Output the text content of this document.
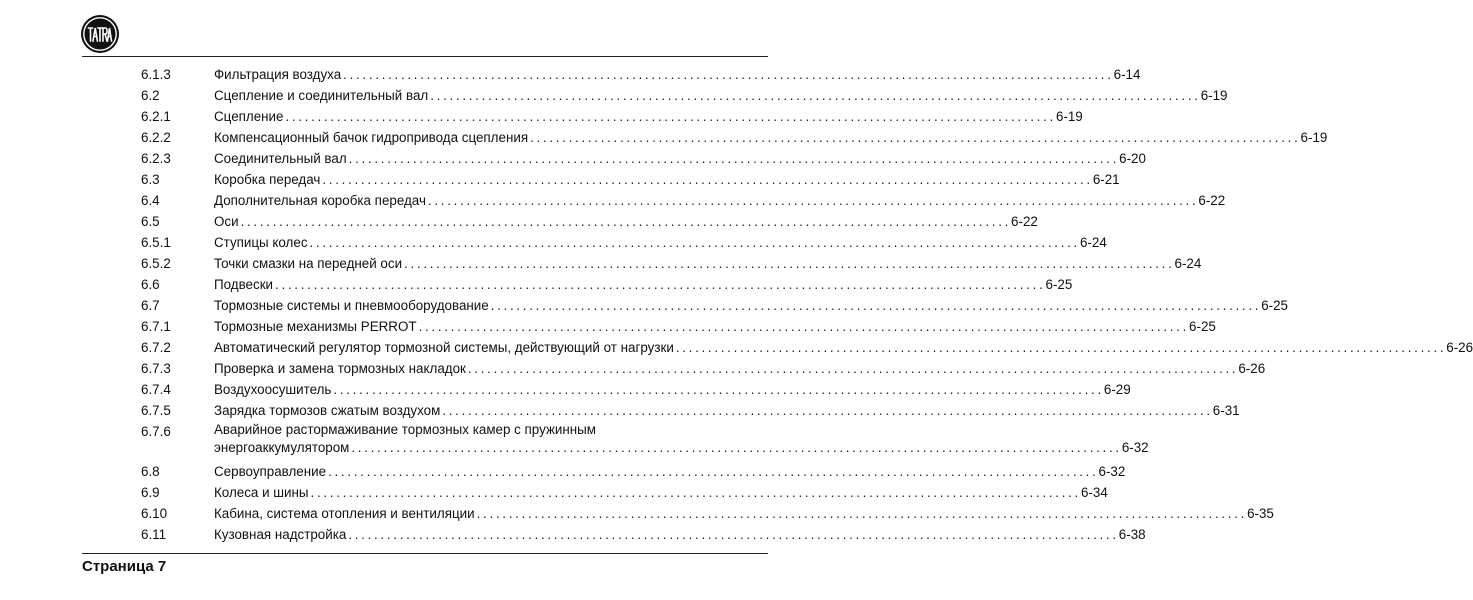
6.1.3	Фильтрация воздуха ........................................................................................................................ 6-14
6.2	Сцепление и соединительный вал ........................................................................................................................ 6-19
6.2.1	Сцепление ........................................................................................................................ 6-19
6.2.2	Компенсационный бачок гидропривода сцепления ........................................................................................................................ 6-19
6.2.3	Соединительный вал ........................................................................................................................ 6-20
6.3	Коробка передач ........................................................................................................................ 6-21
6.4	Дополнительная коробка передач ........................................................................................................................ 6-22
6.5	Оси ........................................................................................................................ 6-22
6.5.1	Ступицы колес ........................................................................................................................ 6-24
6.5.2	Точки смазки на передней оси ........................................................................................................................ 6-24
6.6	Подвески ........................................................................................................................ 6-25
6.7	Тормозные системы и пневмооборудование ........................................................................................................................ 6-25
6.7.1	Тормозные механизмы PERROT ........................................................................................................................ 6-25
6.7.2	Автоматический регулятор тормозной системы, действующий от нагрузки ........................................................................................................................ 6-26
6.7.3	Проверка и замена тормозных накладок ........................................................................................................................ 6-26
6.7.4	Воздухоосушитель ........................................................................................................................ 6-29
6.7.5	Зарядка тормозов сжатым воздухом ........................................................................................................................ 6-31
6.7.6	Аварийное растормаживание тормозных камер с пружинным
энергоаккумулятором ........................................................................................................................ 6-32
6.8	Сервоуправление ........................................................................................................................ 6-32
6.9	Колеса и шины ........................................................................................................................ 6-34
6.10	Кабина, система отопления и вентиляции ........................................................................................................................ 6-35
6.11	Кузовная надстройка ........................................................................................................................ 6-38
Страница 7
